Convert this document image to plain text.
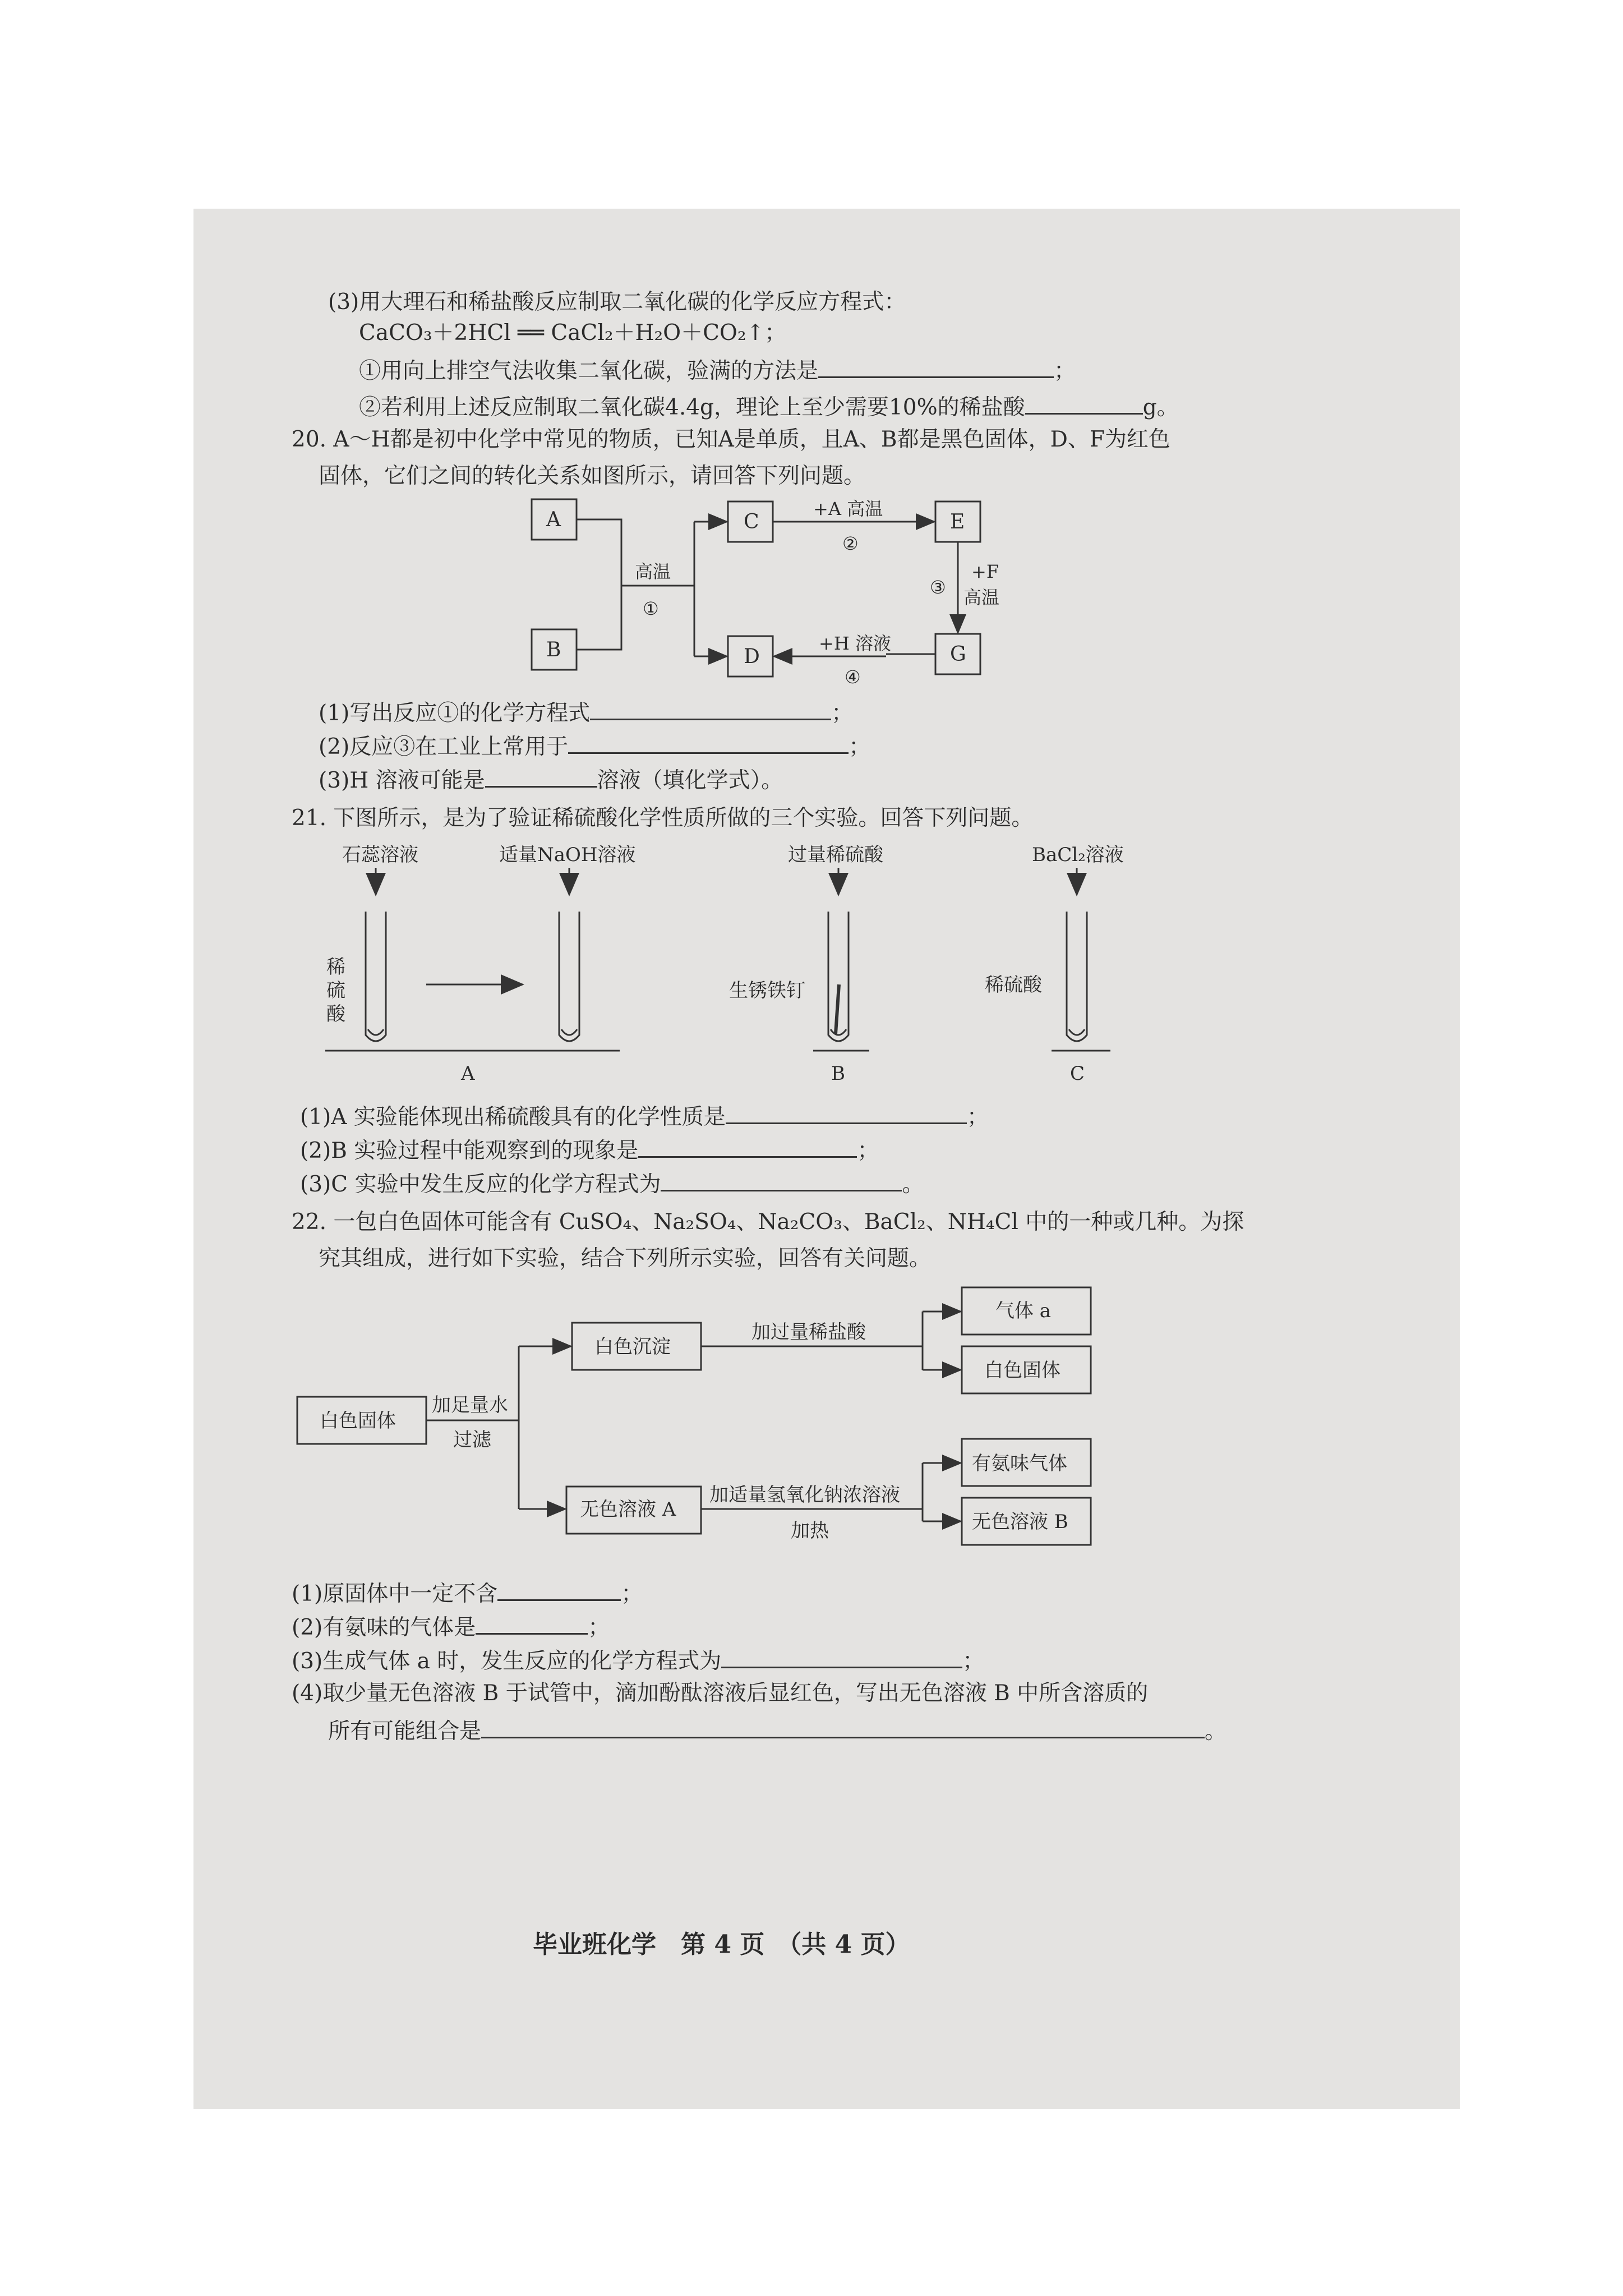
(3)用大理石和稀盐酸反应制取二氧化碳的化学反应方程式：
CaCO₃＋2HCl ══ CaCl₂＋H₂O＋CO₂↑；
①用向上排空气法收集二氧化碳，验满的方法是	；
②若利用上述反应制取二氧化碳4.4g，理论上至少需要10%的稀盐酸	g。
20. A～H都是初中化学中常见的物质，已知A是单质，且A、B都是黑色固体，D、F为红色
固体，它们之间的转化关系如图所示，请回答下列问题。
A
B
C
D
E
G
高温
①
+A 高温
②
+F
高温
③
+H 溶液
④
(1)写出反应①的化学方程式	；
(2)反应③在工业上常用于	；
(3)H 溶液可能是	溶液（填化学式）。
21. 下图所示，是为了验证稀硫酸化学性质所做的三个实验。回答下列问题。
石蕊溶液	适量NaOH溶液	过量稀硫酸	BaCl₂溶液
稀
硫
酸
生锈铁钉	稀硫酸
A	B	C
(1)A 实验能体现出稀硫酸具有的化学性质是	；
(2)B 实验过程中能观察到的现象是	；
(3)C 实验中发生反应的化学方程式为	。
22. 一包白色固体可能含有 CuSO₄、Na₂SO₄、Na₂CO₃、BaCl₂、NH₄Cl 中的一种或几种。为探
究其组成，进行如下实验，结合下列所示实验，回答有关问题。
白色固体
加足量水
过滤
白色沉淀
加过量稀盐酸
气体 a
白色固体
无色溶液 A
加适量氢氧化钠浓溶液
加热
有氨味气体
无色溶液 B
(1)原固体中一定不含	；
(2)有氨味的气体是	；
(3)生成气体 a 时，发生反应的化学方程式为	；
(4)取少量无色溶液 B 于试管中，滴加酚酞溶液后显红色，写出无色溶液 B 中所含溶质的
所有可能组合是	。
毕业班化学　第 4 页　（共 4 页）
